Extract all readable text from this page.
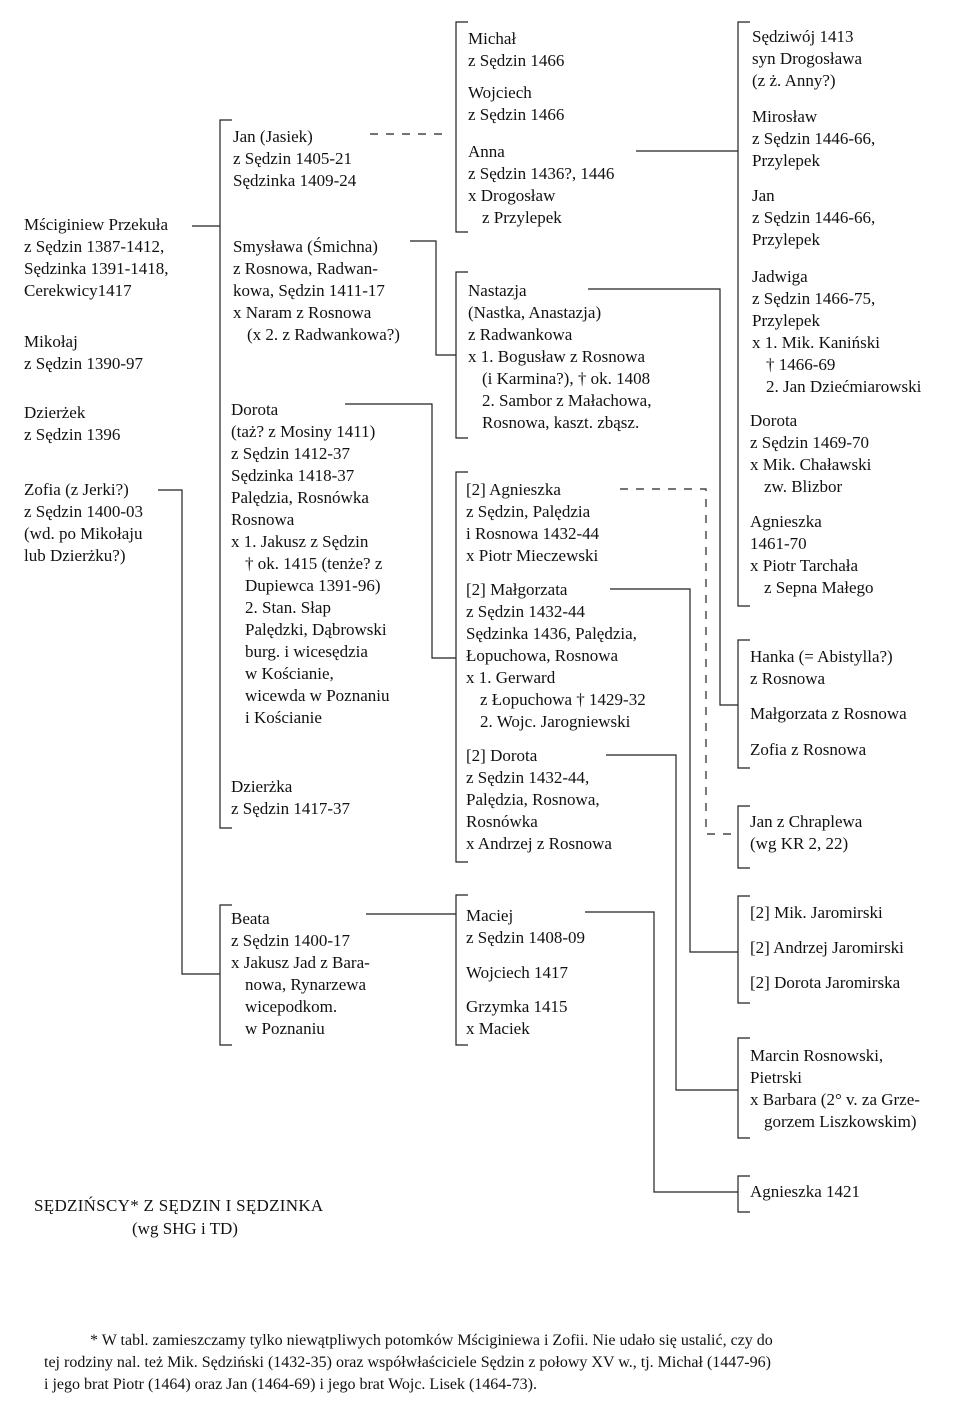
Mściginiew Przekuła
z Sędzin 1387-1412,
Sędzinka 1391-1418,
Cerekwicy1417
Mikołaj
z Sędzin 1390-97
Dzierżek
z Sędzin 1396
Zofia (z Jerki?)
z Sędzin 1400-03
(wd. po Mikołaju
lub Dzierżku?)
Jan (Jasiek)
z Sędzin 1405-21
Sędzinka 1409-24
Smysława (Śmichna)
z Rosnowa, Radwan-
kowa, Sędzin 1411-17
x Naram z Rosnowa
(x 2. z Radwankowa?)
Dorota
(taż? z Mosiny 1411)
z Sędzin 1412-37
Sędzinka 1418-37
Palędzia, Rosnówka
Rosnowa
x 1. Jakusz z Sędzin
† ok. 1415 (tenże? z
Dupiewca 1391-96)
2. Stan. Słap
Palędzki, Dąbrowski
burg. i wicesędzia
w Kościanie,
wicewda w Poznaniu
i Kościanie
Dzierżka
z Sędzin 1417-37
Beata
z Sędzin 1400-17
x Jakusz Jad z Bara-
nowa, Rynarzewa
wicepodkom.
w Poznaniu
Michał
z Sędzin 1466
Wojciech
z Sędzin 1466
Anna
z Sędzin 1436?, 1446
x Drogosław
z Przylepek
Nastazja
(Nastka, Anastazja)
z Radwankowa
x 1. Bogusław z Rosnowa
(i Karmina?), † ok. 1408
2. Sambor z Małachowa,
Rosnowa, kaszt. zbąsz.
[2] Agnieszka
z Sędzin, Palędzia
i Rosnowa 1432-44
x Piotr Mieczewski
[2] Małgorzata
z Sędzin 1432-44
Sędzinka 1436, Palędzia,
Łopuchowa, Rosnowa
x 1. Gerward
z Łopuchowa † 1429-32
2. Wojc. Jarogniewski
[2] Dorota
z Sędzin 1432-44,
Palędzia, Rosnowa,
Rosnówka
x Andrzej z Rosnowa
Maciej
z Sędzin 1408-09
Wojciech 1417
Grzymka 1415
x Maciek
Sędziwój 1413
syn Drogosława
(z ż. Anny?)
Mirosław
z Sędzin 1446-66,
Przylepek
Jan
z Sędzin 1446-66,
Przylepek
Jadwiga
z Sędzin 1466-75,
Przylepek
x 1. Mik. Kaniński
† 1466-69
2. Jan Dziećmiarowski
Dorota
z Sędzin 1469-70
x Mik. Chaławski
zw. Blizbor
Agnieszka
1461-70
x Piotr Tarchała
z Sepna Małego
Hanka (= Abistylla?)
z Rosnowa
Małgorzata z Rosnowa
Zofia z Rosnowa
Jan z Chraplewa
(wg KR 2, 22)
[2] Mik. Jaromirski
[2] Andrzej Jaromirski
[2] Dorota Jaromirska
Marcin Rosnowski,
Pietrski
x Barbara (2° v. za Grze-
gorzem Liszkowskim)
Agnieszka 1421
SĘDZIŃSCY* Z SĘDZIN I SĘDZINKA
(wg SHG i TD)
* W tabl. zamieszczamy tylko niewątpliwych potomków Mściginiewa i Zofii. Nie udało się ustalić, czy do
tej rodziny nal. też Mik. Sędziński (1432-35) oraz współwłaściciele Sędzin z połowy XV w., tj. Michał (1447-96)
i jego brat Piotr (1464) oraz Jan (1464-69) i jego brat Wojc. Lisek (1464-73).
